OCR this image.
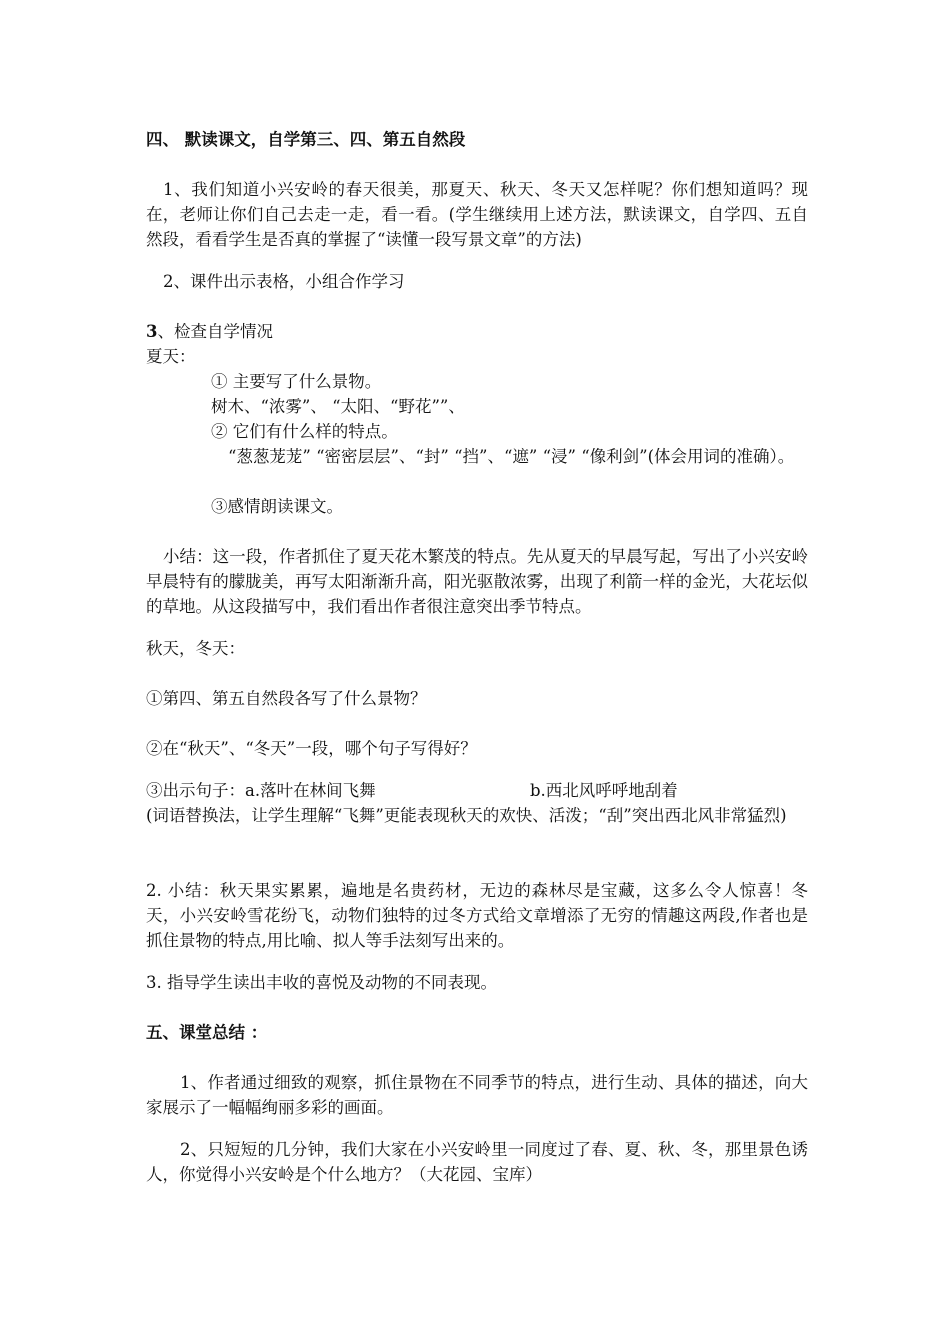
四、 默读课文，自学第三、四、第五自然段

1、我们知道小兴安岭的春天很美，那夏天、秋天、冬天又怎样呢？你们想知道吗？现在，老师让你们自己去走一走，看一看。(学生继续用上述方法，默读课文，自学四、五自然段，看看学生是否真的掌握了“读懂一段写景文章”的方法)

2、课件出示表格，小组合作学习

3、检查自学情况

夏天：

① 主要写了什么景物。

树木、“浓雾”、 “太阳、“野花””、

② 它们有什么样的特点。

“葱葱茏茏” “密密层层”、“封” “挡”、“遮” “浸” “像利剑”(体会用词的准确）。

③感情朗读课文。

小结：这一段，作者抓住了夏天花木繁茂的特点。先从夏天的早晨写起，写出了小兴安岭早晨特有的朦胧美，再写太阳渐渐升高，阳光驱散浓雾，出现了利箭一样的金光，大花坛似的草地。从这段描写中，我们看出作者很注意突出季节特点。

秋天，冬天：

①第四、第五自然段各写了什么景物？

②在“秋天”、“冬天”一段，哪个句子写得好？

③出示句子：a.落叶在林间飞舞	b.西北风呼呼地刮着

(词语替换法，让学生理解“飞舞”更能表现秋天的欢快、活泼；“刮”突出西北风非常猛烈)

2. 小结：秋天果实累累，遍地是名贵药材，无边的森林尽是宝藏，这多么令人惊喜！冬天，小兴安岭雪花纷飞，动物们独特的过冬方式给文章增添了无穷的情趣这两段,作者也是抓住景物的特点,用比喻、拟人等手法刻写出来的。

3. 指导学生读出丰收的喜悦及动物的不同表现。

五、课堂总结 ：

1、作者通过细致的观察，抓住景物在不同季节的特点，进行生动、具体的描述，向大家展示了一幅幅绚丽多彩的画面。

2、只短短的几分钟，我们大家在小兴安岭里一同度过了春、夏、秋、冬，那里景色诱人，你觉得小兴安岭是个什么地方？（大花园、宝库）
